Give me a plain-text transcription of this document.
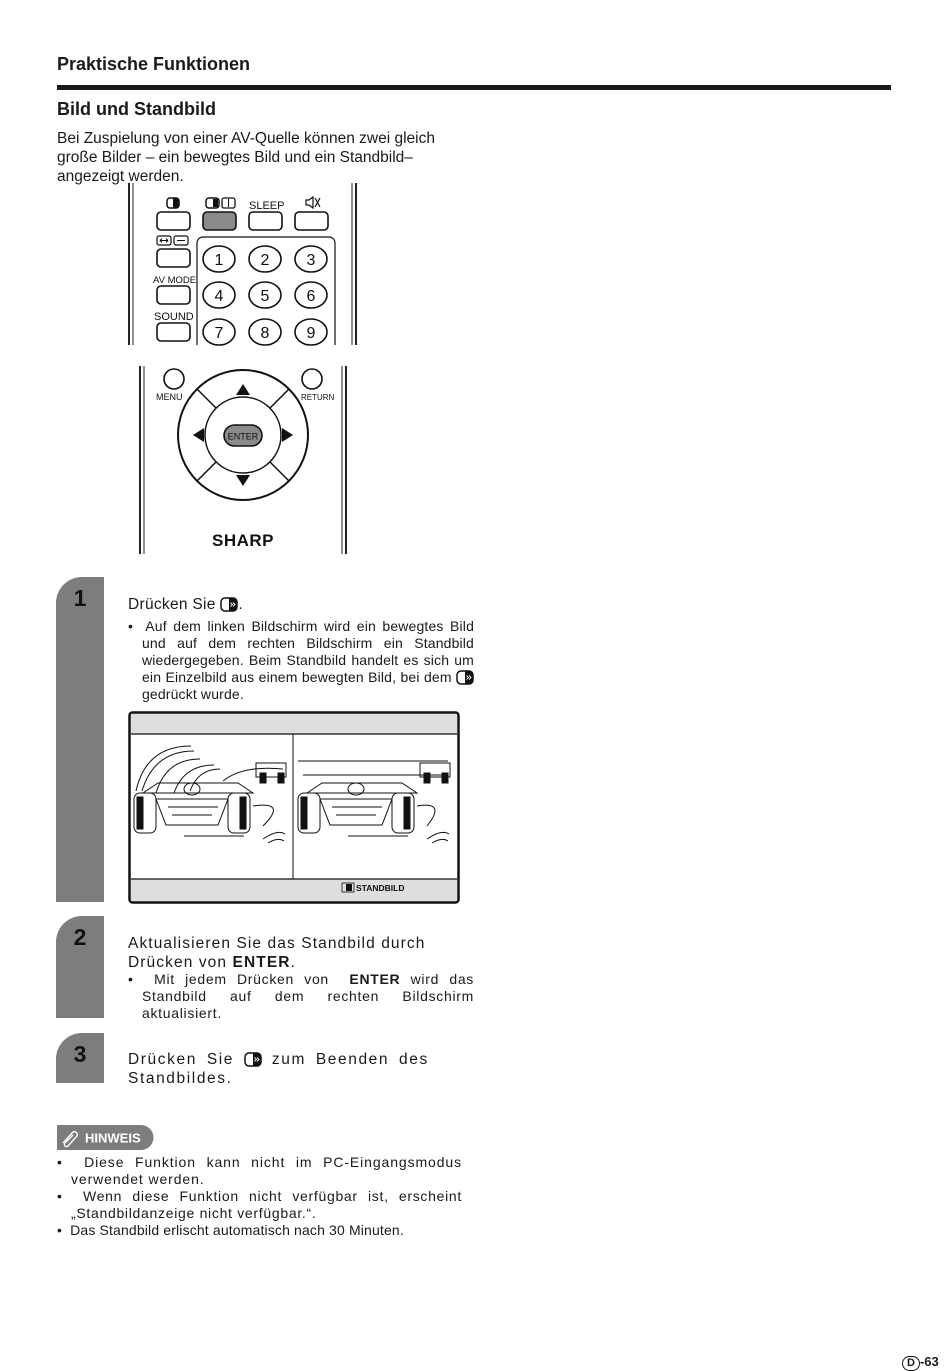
Praktische Funktionen
Bild und Standbild
Bei Zuspielung von einer AV-Quelle können zwei gleich große Bilder – ein bewegtes Bild und ein Standbild– angezeigt werden.
SLEEP
AV MODE
SOUND
1 2 3
4 5 6
7 8 9
MENU	RETURN
ENTER
SHARP
1	Drücken Sie .
•  Auf dem linken Bildschirm wird ein bewegtes Bild und auf dem rechten Bildschirm ein Standbild wiedergegeben. Beim Standbild handelt es sich um ein Einzelbild aus einem bewegten Bild, bei dem  gedrückt wurde.
STANDBILD
2	Aktualisieren Sie das Standbild durch Drücken von ENTER.
•  Mit jedem Drücken von ENTER wird das Standbild auf dem rechten Bildschirm aktualisiert.
3	Drücken Sie zum Beenden des Standbildes.
HINWEIS
•  Diese Funktion kann nicht im PC-Eingangsmodus verwendet werden.
•  Wenn diese Funktion nicht verfügbar ist, erscheint „Standbildanzeige nicht verfügbar.“.
•  Das Standbild erlischt automatisch nach 30 Minuten.
D -63
